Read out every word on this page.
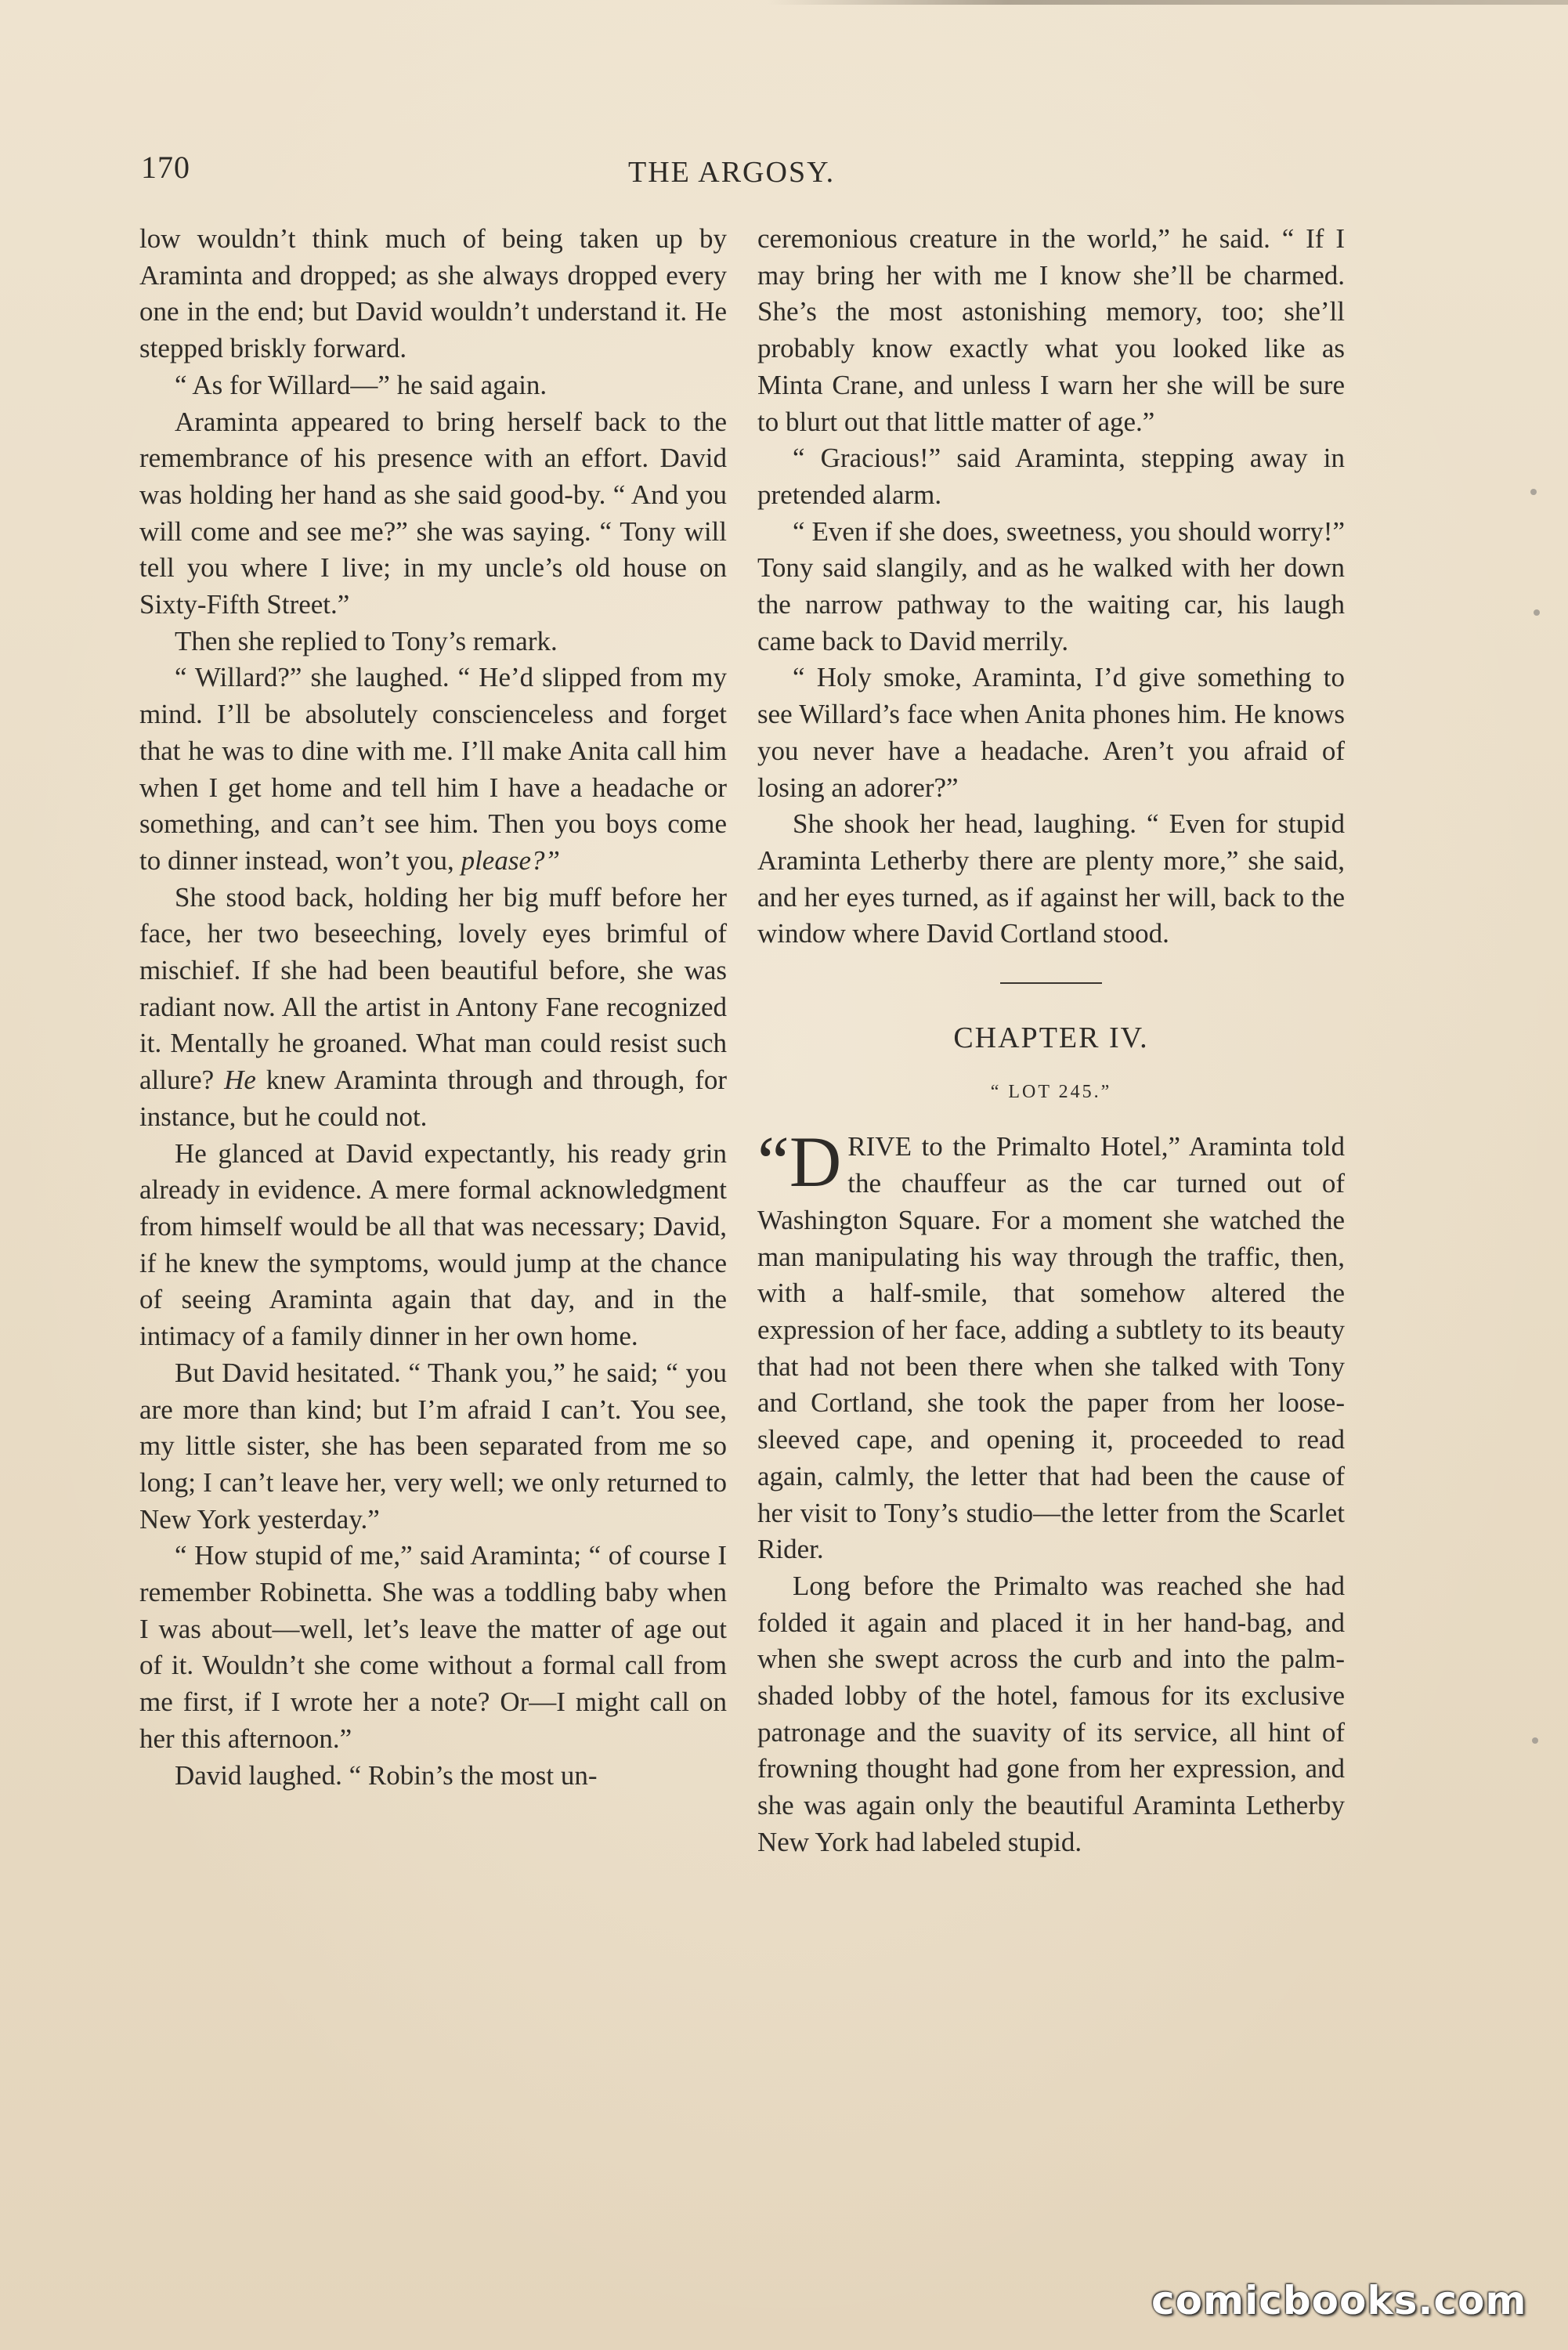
170	THE ARGOSY.

low wouldn’t think much of being taken up by Araminta and dropped; as she always dropped every one in the end; but David wouldn’t understand it. He stepped briskly forward.

“ As for Willard—” he said again.

Araminta appeared to bring herself back to the remembrance of his presence with an effort. David was holding her hand as she said good-by. “ And you will come and see me?” she was saying. “ Tony will tell you where I live; in my uncle’s old house on Sixty-Fifth Street.”

Then she replied to Tony’s remark.

“ Willard?” she laughed. “ He’d slipped from my mind. I’ll be absolutely conscienceless and forget that he was to dine with me. I’ll make Anita call him when I get home and tell him I have a headache or something, and can’t see him. Then you boys come to dinner instead, won’t you, please?”

She stood back, holding her big muff before her face, her two beseeching, lovely eyes brimful of mischief. If she had been beautiful before, she was radiant now. All the artist in Antony Fane recognized it. Mentally he groaned. What man could resist such allure? He knew Araminta through and through, for instance, but he could not.

He glanced at David expectantly, his ready grin already in evidence. A mere formal acknowledgment from himself would be all that was necessary; David, if he knew the symptoms, would jump at the chance of seeing Araminta again that day, and in the intimacy of a family dinner in her own home.

But David hesitated. “ Thank you,” he said; “ you are more than kind; but I’m afraid I can’t. You see, my little sister, she has been separated from me so long; I can’t leave her, very well; we only returned to New York yesterday.”

“ How stupid of me,” said Araminta; “ of course I remember Robinetta. She was a toddling baby when I was about—well, let’s leave the matter of age out of it. Wouldn’t she come without a formal call from me first, if I wrote her a note? Or—I might call on her this afternoon.”

David laughed. “ Robin’s the most un-

ceremonious creature in the world,” he said. “ If I may bring her with me I know she’ll be charmed. She’s the most astonishing memory, too; she’ll probably know exactly what you looked like as Minta Crane, and unless I warn her she will be sure to blurt out that little matter of age.”

“ Gracious!” said Araminta, stepping away in pretended alarm.

“ Even if she does, sweetness, you should worry!” Tony said slangily, and as he walked with her down the narrow pathway to the waiting car, his laugh came back to David merrily.

“ Holy smoke, Araminta, I’d give something to see Willard’s face when Anita phones him. He knows you never have a headache. Aren’t you afraid of losing an adorer?”

She shook her head, laughing. “ Even for stupid Araminta Letherby there are plenty more,” she said, and her eyes turned, as if against her will, back to the window where David Cortland stood.

CHAPTER IV.
“ LOT 245.”

“D RIVE to the Primalto Hotel,” Araminta told the chauffeur as the car turned out of Washington Square. For a moment she watched the man manipulating his way through the traffic, then, with a half-smile, that somehow altered the expression of her face, adding a subtlety to its beauty that had not been there when she talked with Tony and Cortland, she took the paper from her loose-sleeved cape, and opening it, proceeded to read again, calmly, the letter that had been the cause of her visit to Tony’s studio—the letter from the Scarlet Rider.

Long before the Primalto was reached she had folded it again and placed it in her hand-bag, and when she swept across the curb and into the palm-shaded lobby of the hotel, famous for its exclusive patronage and the suavity of its service, all hint of frowning thought had gone from her expression, and she was again only the beautiful Araminta Letherby New York had labeled stupid.

comicbooks.com
